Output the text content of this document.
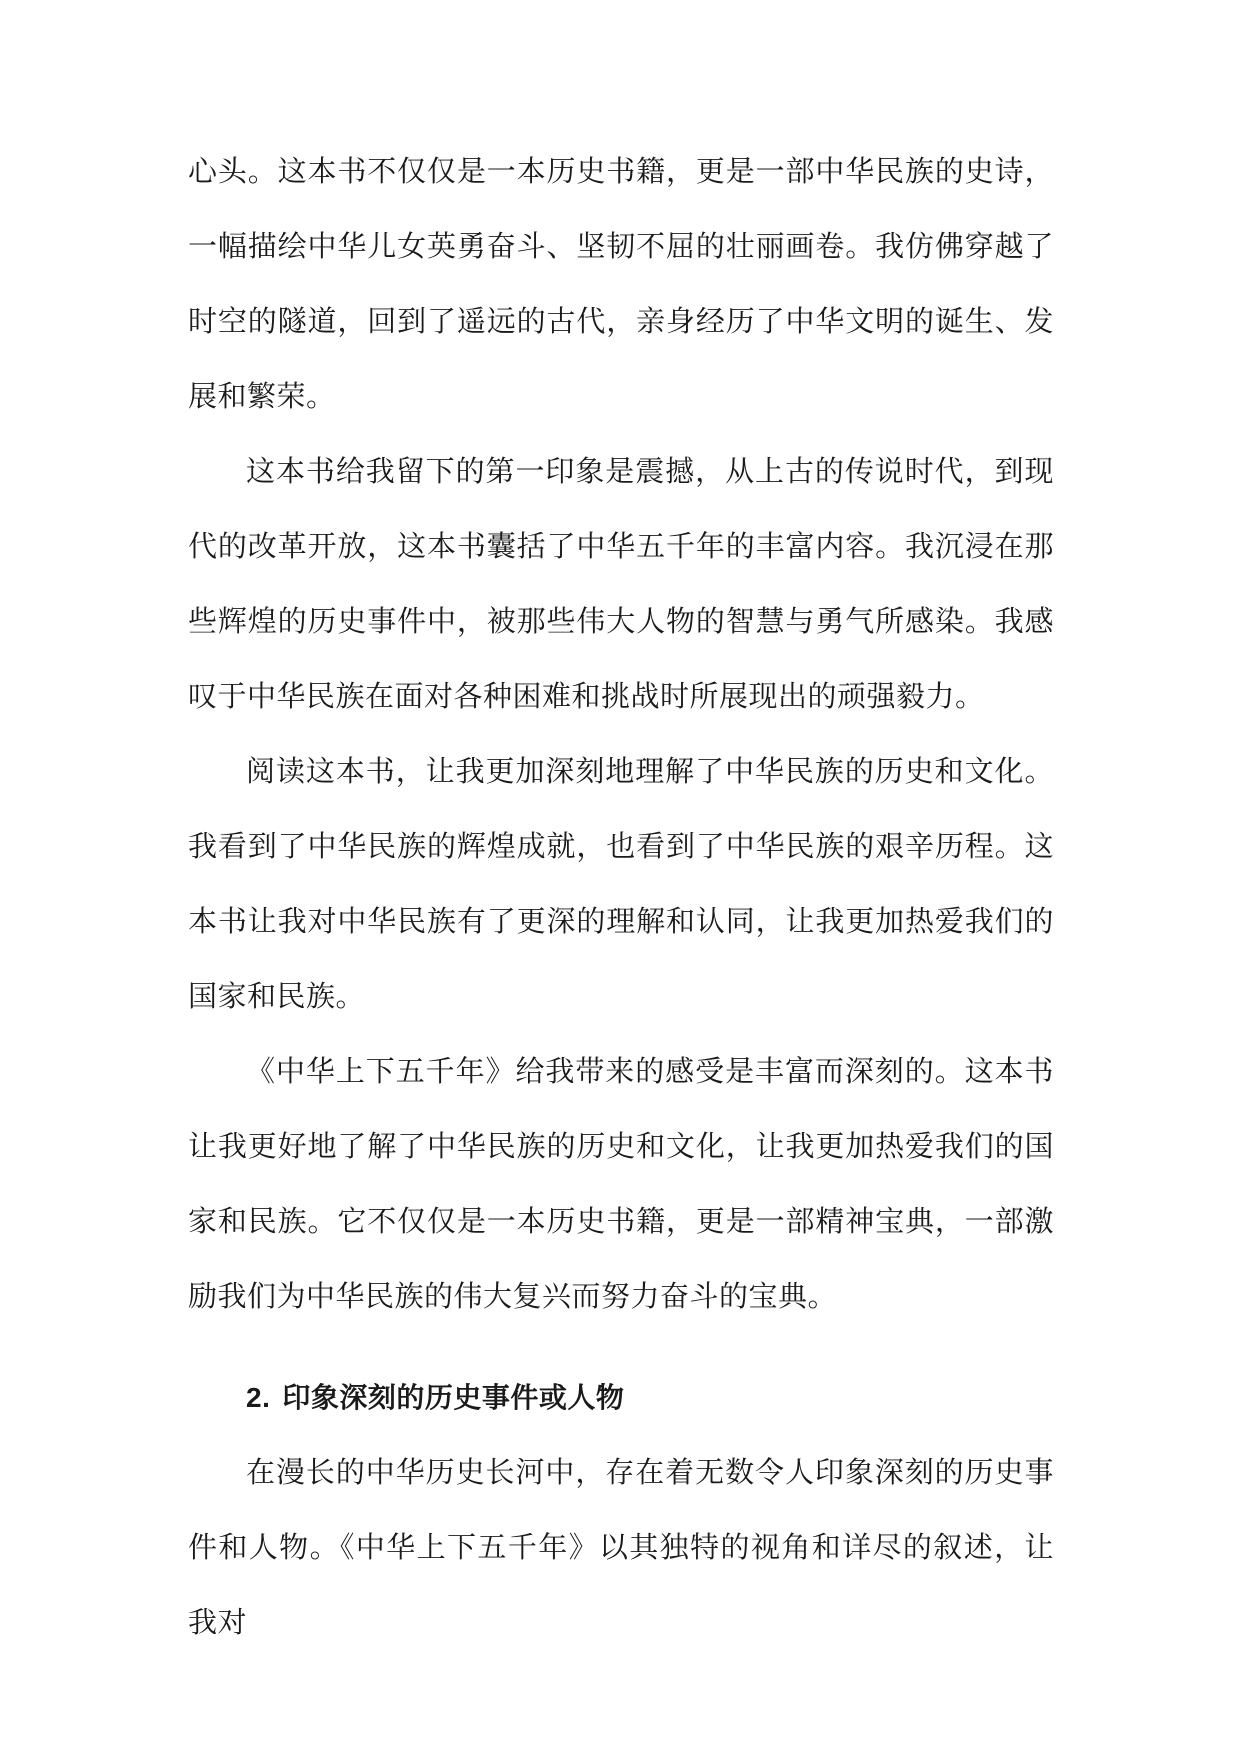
心头。这本书不仅仅是一本历史书籍，更是一部中华民族的史诗，一幅描绘中华儿女英勇奋斗、坚韧不屈的壮丽画卷。我仿佛穿越了时空的隧道，回到了遥远的古代，亲身经历了中华文明的诞生、发展和繁荣。

这本书给我留下的第一印象是震撼，从上古的传说时代，到现代的改革开放，这本书囊括了中华五千年的丰富内容。我沉浸在那些辉煌的历史事件中，被那些伟大人物的智慧与勇气所感染。我感叹于中华民族在面对各种困难和挑战时所展现出的顽强毅力。

阅读这本书，让我更加深刻地理解了中华民族的历史和文化。我看到了中华民族的辉煌成就，也看到了中华民族的艰辛历程。这本书让我对中华民族有了更深的理解和认同，让我更加热爱我们的国家和民族。

《中华上下五千年》给我带来的感受是丰富而深刻的。这本书让我更好地了解了中华民族的历史和文化，让我更加热爱我们的国家和民族。它不仅仅是一本历史书籍，更是一部精神宝典，一部激励我们为中华民族的伟大复兴而努力奋斗的宝典。

2. 印象深刻的历史事件或人物

在漫长的中华历史长河中，存在着无数令人印象深刻的历史事件和人物。《中华上下五千年》以其独特的视角和详尽的叙述，让我对
